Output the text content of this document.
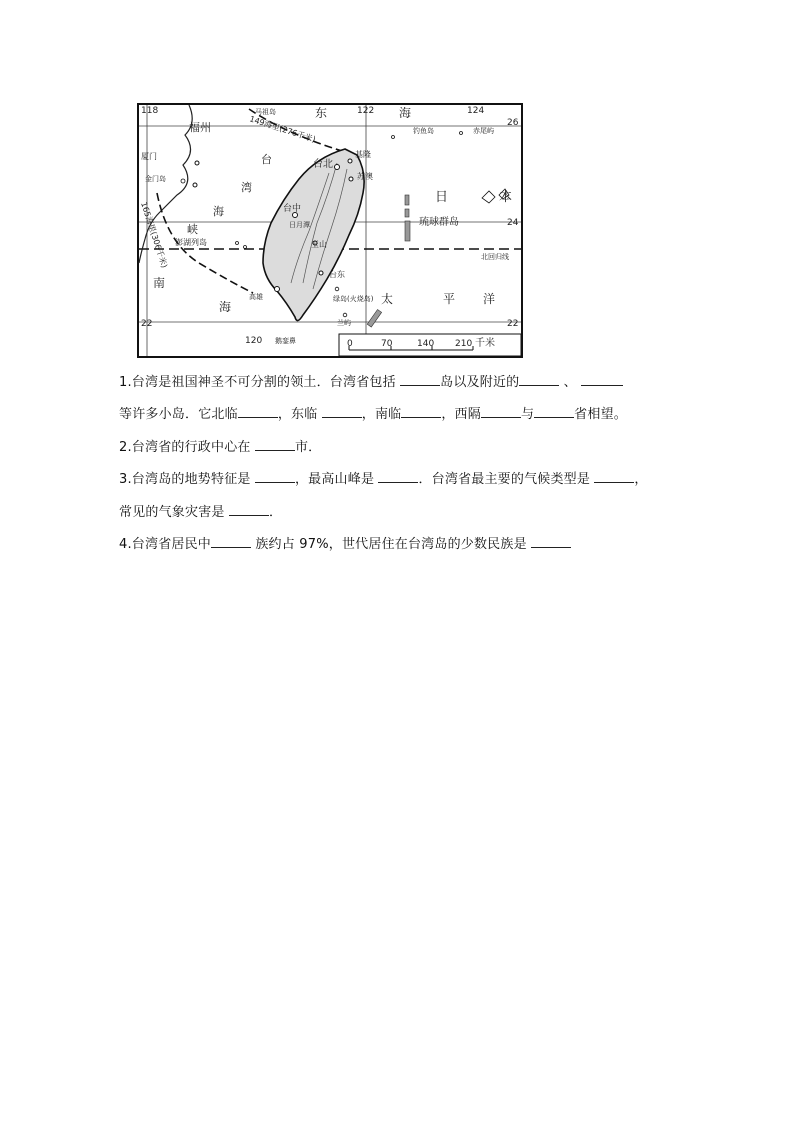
118	122	124
120
26
24
22
22
福州
马祖岛	东	海
厦门
金门岛
台
湾
海
峡
澎湖列岛
台中
台北
基隆
苏澳
日月潭
玉山
台东
绿岛(火烧岛)
兰屿
高雄
鹅銮鼻
钓鱼岛	赤尾屿
日	本
琉球群岛
北回归线
南
海
太	平 洋
149海里(276千米)
165海里(306千米)
0	70	140 210 千米
1.台湾是祖国神圣不可分割的领土．台湾省包括	岛以及附近的	、
等许多小岛．它北临	，东临	，南临	，西隔	与	省相望。
2.台湾省的行政中心在	市．
3.台湾岛的地势特征是	，最高山峰是	．台湾省最主要的气候类型是	，
常见的气象灾害是	．
4.台湾省居民中	族约占 97%，世代居住在台湾岛的少数民族是
